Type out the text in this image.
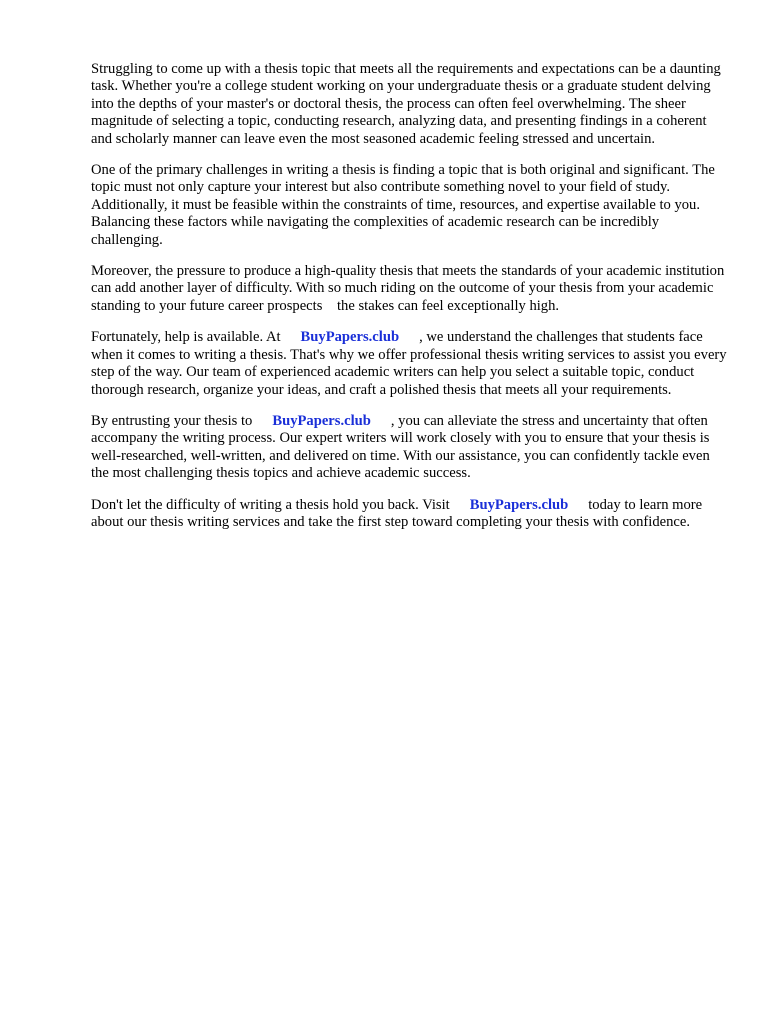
Struggling to come up with a thesis topic that meets all the requirements and expectations can be a daunting task. Whether you're a college student working on your undergraduate thesis or a graduate student delving into the depths of your master's or doctoral thesis, the process can often feel overwhelming. The sheer magnitude of selecting a topic, conducting research, analyzing data, and presenting findings in a coherent and scholarly manner can leave even the most seasoned academic feeling stressed and uncertain.

One of the primary challenges in writing a thesis is finding a topic that is both original and significant. The topic must not only capture your interest but also contribute something novel to your field of study. Additionally, it must be feasible within the constraints of time, resources, and expertise available to you. Balancing these factors while navigating the complexities of academic research can be incredibly challenging.

Moreover, the pressure to produce a high-quality thesis that meets the standards of your academic institution can add another layer of difficulty. With so much riding on the outcome of your thesis from your academic standing to your future career prospects    the stakes can feel exceptionally high.

Fortunately, help is available. At BuyPapers.club , we understand the challenges that students face when it comes to writing a thesis. That's why we offer professional thesis writing services to assist you every step of the way. Our team of experienced academic writers can help you select a suitable topic, conduct thorough research, organize your ideas, and craft a polished thesis that meets all your requirements.

By entrusting your thesis to BuyPapers.club , you can alleviate the stress and uncertainty that often accompany the writing process. Our expert writers will work closely with you to ensure that your thesis is well-researched, well-written, and delivered on time. With our assistance, you can confidently tackle even the most challenging thesis topics and achieve academic success.

Don't let the difficulty of writing a thesis hold you back. Visit BuyPapers.club today to learn more about our thesis writing services and take the first step toward completing your thesis with confidence.
